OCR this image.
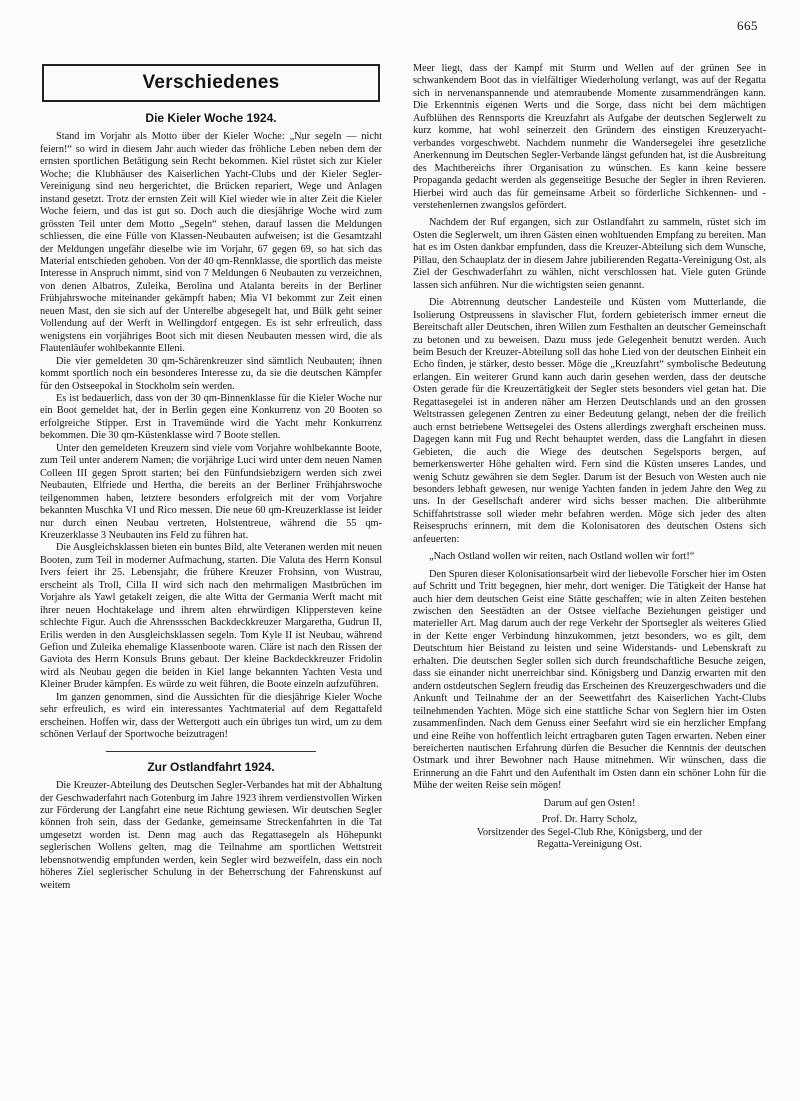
665
Verschiedenes
Die Kieler Woche 1924.

Stand im Vorjahr als Motto über der Kieler Woche: „Nur segeln — nicht feiern!“ so wird in diesem Jahr auch wieder das fröhliche Leben neben dem der ernsten sportlichen Betätigung sein Recht bekommen. Kiel rüstet sich zur Kieler Woche; die Klubhäuser des Kaiserlichen Yacht-Clubs und der Kieler Segler-Vereinigung sind neu hergerichtet, die Brücken repariert, Wege und Anlagen instand gesetzt. Trotz der ernsten Zeit will Kiel wieder wie in alter Zeit die Kieler Woche feiern, und das ist gut so. Doch auch die diesjährige Woche wird zum grössten Teil unter dem Motto „Segeln“ stehen, darauf lassen die Meldungen schliessen, die eine Fülle von Klassen-Neubauten aufweisen; ist die Gesamtzahl der Meldungen ungefähr dieselbe wie im Vorjahr, 67 gegen 69, so hat sich das Material entschieden gehoben. Von der 40 qm-Rennklasse, die sportlich das meiste Interesse in Anspruch nimmt, sind von 7 Meldungen 6 Neubauten zu verzeichnen, von denen Albatros, Zuleika, Berolina und Atalanta bereits in der Berliner Frühjahrswoche miteinander gekämpft haben; Mia VI bekommt zur Zeit einen neuen Mast, den sie sich auf der Unterelbe abgesegelt hat, und Bülk geht seiner Vollendung auf der Werft in Wellingdorf entgegen. Es ist sehr erfreulich, dass wenigstens ein vorjähriges Boot sich mit diesen Neubauten messen wird, die als Flautenläufer wohlbekannte Elleni.

Die vier gemeldeten 30 qm-Schärenkreuzer sind sämtlich Neubauten; ihnen kommt sportlich noch ein besonderes Interesse zu, da sie die deutschen Kämpfer für den Ostseepokal in Stockholm sein werden.

Es ist bedauerlich, dass von der 30 qm-Binnenklasse für die Kieler Woche nur ein Boot gemeldet hat, der in Berlin gegen eine Konkurrenz von 20 Booten so erfolgreiche Stipper. Erst in Travemünde wird die Yacht mehr Konkurrenz bekommen. Die 30 qm-Küstenklasse wird 7 Boote stellen.

Unter den gemeldeten Kreuzern sind viele vom Vorjahre wohlbekannte Boote, zum Teil unter anderem Namen; die vorjährige Luci wird unter dem neuen Namen Colleen III gegen Sprott starten; bei den Fünfundsiebzigern werden sich zwei Neubauten, Elfriede und Hertha, die bereits an der Berliner Frühjahrswoche teilgenommen haben, letztere besonders erfolgreich mit der vom Vorjahre bekannten Muschka VI und Rico messen. Die neue 60 qm-Kreuzerklasse ist leider nur durch einen Neubau vertreten, Holstentreue, während die 55 qm-Kreuzerklasse 3 Neubauten ins Feld zu führen hat.

Die Ausgleichsklassen bieten ein buntes Bild, alte Veteranen werden mit neuen Booten, zum Teil in moderner Aufmachung, starten. Die Valuta des Herrn Konsul Ivers feiert ihr 25. Lebensjahr, die frühere Kreuzer Frohsinn, von Wustrau, erscheint als Troll, Cilla II wird sich nach den mehrmaligen Mastbrüchen im Vorjahre als Yawl getakelt zeigen, die alte Witta der Germania Werft macht mit ihrer neuen Hochtakelage und ihrem alten ehrwürdigen Klippersteven keine schlechte Figur. Auch die Ahrenssschen Backdeckkreuzer Margaretha, Gudrun II, Erilis werden in den Ausgleichsklassen segeln. Tom Kyle II ist Neubau, während Gefion und Zuleika ehemalige Klassenboote waren. Cläre ist nach den Rissen der Gaviota des Herrn Konsuls Bruns gebaut. Der kleine Backdeckkreuzer Fridolin wird als Neubau gegen die beiden in Kiel lange bekannten Yachten Vesta und Kleiner Bruder kämpfen. Es würde zu weit führen, die Boote einzeln aufzuführen.

Im ganzen genommen, sind die Aussichten für die diesjährige Kieler Woche sehr erfreulich, es wird ein interessantes Yachtmaterial auf dem Regattafeld erscheinen. Hoffen wir, dass der Wettergott auch ein übriges tun wird, um zu dem schönen Verlauf der Sportwoche beizutragen!

Zur Ostlandfahrt 1924.

Die Kreuzer-Abteilung des Deutschen Segler-Verbandes hat mit der Abhaltung der Geschwaderfahrt nach Gotenburg im Jahre 1923 ihrem verdienstvollen Wirken zur Förderung der Langfahrt eine neue Richtung gewiesen. Wir deutschen Segler können froh sein, dass der Gedanke, gemeinsame Streckenfahrten in die Tat umgesetzt worden ist. Denn mag auch das Regattasegeln als Höhepunkt seglerischen Wollens gelten, mag die Teilnahme am sportlichen Wettstreit lebensnotwendig empfunden werden, kein Segler wird bezweifeln, dass ein noch höheres Ziel seglerischer Schulung in der Beherrschung der Fahrenskunst auf weitem

Meer liegt, dass der Kampf mit Sturm und Wellen auf der grünen See in schwankendem Boot das in vielfältiger Wiederholung verlangt, was auf der Regatta sich in nervenanspannende und atemraubende Momente zusammendrängen kann. Die Erkenntnis eigenen Werts und die Sorge, dass nicht bei dem mächtigen Aufblühen des Rennsports die Kreuzfahrt als Aufgabe der deutschen Seglerwelt zu kurz komme, hat wohl seinerzeit den Gründern des einstigen Kreuzeryacht-verbandes vorgeschwebt. Nachdem nunmehr die Wandersegelei ihre gesetzliche Anerkennung im Deutschen Segler-Verbande längst gefunden hat, ist die Ausbreitung des Machtbereichs ihrer Organisation zu wünschen. Es kann keine bessere Propaganda gedacht werden als gegenseitige Besuche der Segler in ihren Revieren. Hierbei wird auch das für gemeinsame Arbeit so förderliche Sichkennen- und -verstehenlernen zwangslos gefördert.

Nachdem der Ruf ergangen, sich zur Ostlandfahrt zu sammeln, rüstet sich im Osten die Seglerwelt, um ihren Gästen einen wohltuenden Empfang zu bereiten. Man hat es im Osten dankbar empfunden, dass die Kreuzer-Abteilung sich dem Wunsche, Pillau, den Schauplatz der in diesem Jahre jubilierenden Regatta-Vereinigung Ost, als Ziel der Geschwaderfahrt zu wählen, nicht verschlossen hat. Viele guten Gründe lassen sich anführen. Nur die wichtigsten seien genannt.

Die Abtrennung deutscher Landesteile und Küsten vom Mutterlande, die Isolierung Ostpreussens in slavischer Flut, fordern gebieterisch immer erneut die Bereitschaft aller Deutschen, ihren Willen zum Festhalten an deutscher Gemeinschaft zu betonen und zu beweisen. Dazu muss jede Gelegenheit benutzt werden. Auch beim Besuch der Kreuzer-Abteilung soll das hohe Lied von der deutschen Einheit ein Echo finden, je stärker, desto besser. Möge die „Kreuzfahrt“ symbolische Bedeutung erlangen. Ein weiterer Grund kann auch darin gesehen werden, dass der deutsche Osten gerade für die Kreuzertätigkeit der Segler stets besonders viel getan hat. Die Regattasegelei ist in anderen näher am Herzen Deutschlands und an den grossen Weltstrassen gelegenen Zentren zu einer Bedeutung gelangt, neben der die freilich auch ernst betriebene Wettsegelei des Ostens allerdings zwerghaft erscheinen muss. Dagegen kann mit Fug und Recht behauptet werden, dass die Langfahrt in diesen Gebieten, die auch die Wiege des deutschen Segelsports bergen, auf bemerkenswerter Höhe gehalten wird. Fern sind die Küsten unseres Landes, und wenig Schutz gewähren sie dem Segler. Darum ist der Besuch von Westen auch nie besonders lebhaft gewesen, nur wenige Yachten fanden in jedem Jahre den Weg zu uns. In der Gesellschaft anderer wird sichs besser machen. Die altberühmte Schiffahrtstrasse soll wieder mehr befahren werden. Möge sich jeder des alten Reisespruchs erinnern, mit dem die Kolonisatoren des deutschen Ostens sich anfeuerten:

„Nach Ostland wollen wir reiten, nach Ostland wollen wir fort!“

Den Spuren dieser Kolonisationsarbeit wird der liebevolle Forscher hier im Osten auf Schritt und Tritt begegnen, hier mehr, dort weniger. Die Tätigkeit der Hanse hat auch hier dem deutschen Geist eine Stätte geschaffen; wie in alten Zeiten bestehen zwischen den Seestädten an der Ostsee vielfache Beziehungen geistiger und materieller Art. Mag darum auch der rege Verkehr der Sportsegler als weiteres Glied in der Kette enger Verbindung hinzukommen, jetzt besonders, wo es gilt, dem Deutschtum hier Beistand zu leisten und seine Widerstands- und Lebenskraft zu erhalten. Die deutschen Segler sollen sich durch freundschaftliche Besuche zeigen, dass sie einander nicht unerreichbar sind. Königsberg und Danzig erwarten mit den andern ostdeutschen Seglern freudig das Erscheinen des Kreuzergeschwaders und die Ankunft und Teilnahme der an der Seewettfahrt des Kaiserlichen Yacht-Clubs teilnehmenden Yachten. Möge sich eine stattliche Schar von Seglern hier im Osten zusammenfinden. Nach dem Genuss einer Seefahrt wird sie ein herzlicher Empfang und eine Reihe von hoffentlich leicht ertragbaren guten Tagen erwarten. Neben einer bereicherten nautischen Erfahrung dürfen die Besucher die Kenntnis der deutschen Ostmark und ihrer Bewohner nach Hause mitnehmen. Wir wünschen, dass die Erinnerung an die Fahrt und den Aufenthalt im Osten dann ein schöner Lohn für die Mühe der weiten Reise sein mögen!

Darum auf gen Osten!

Prof. Dr. Harry Scholz,

Vorsitzender des Segel-Club Rhe, Königsberg, und der

Regatta-Vereinigung Ost.
